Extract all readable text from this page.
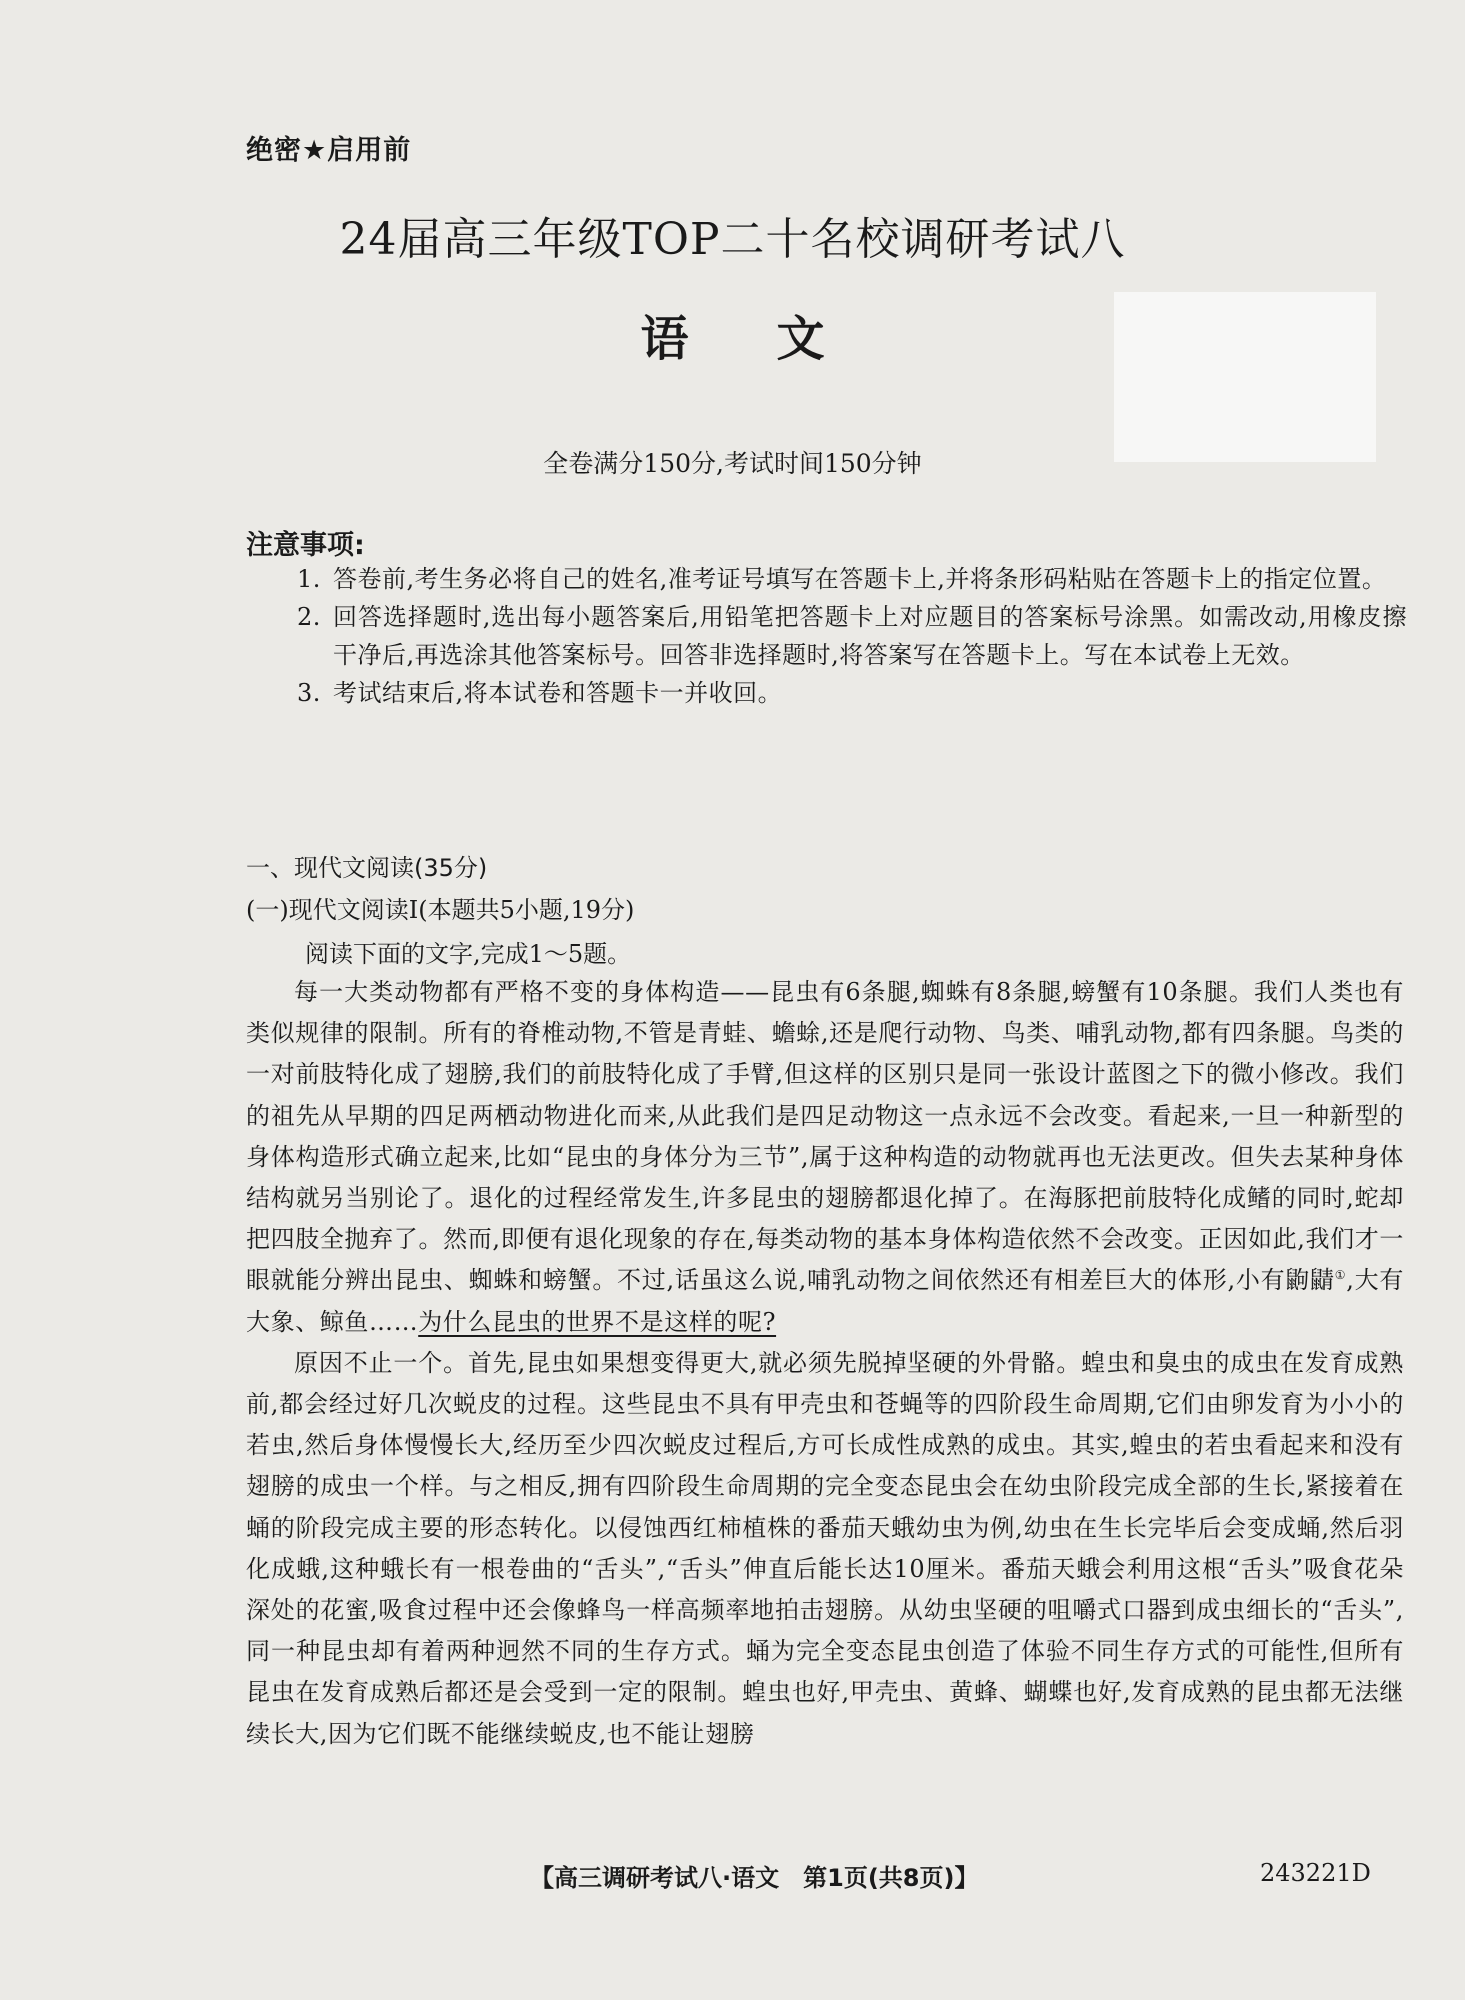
绝密★启用前
24届高三年级TOP二十名校调研考试八
语文
全卷满分150分,考试时间150分钟
注意事项:
1. 答卷前,考生务必将自己的姓名,准考证号填写在答题卡上,并将条形码粘贴在答题卡上的指定位置。
2. 回答选择题时,选出每小题答案后,用铅笔把答题卡上对应题目的答案标号涂黑。如需改动,用橡皮擦干净后,再选涂其他答案标号。回答非选择题时,将答案写在答题卡上。写在本试卷上无效。
3. 考试结束后,将本试卷和答题卡一并收回。
一、现代文阅读(35分)
(一)现代文阅读Ⅰ(本题共5小题,19分)
阅读下面的文字,完成1～5题。

每一大类动物都有严格不变的身体构造——昆虫有6条腿,蜘蛛有8条腿,螃蟹有10条腿。我们人类也有类似规律的限制。所有的脊椎动物,不管是青蛙、蟾蜍,还是爬行动物、鸟类、哺乳动物,都有四条腿。鸟类的一对前肢特化成了翅膀,我们的前肢特化成了手臂,但这样的区别只是同一张设计蓝图之下的微小修改。我们的祖先从早期的四足两栖动物进化而来,从此我们是四足动物这一点永远不会改变。看起来,一旦一种新型的身体构造形式确立起来,比如“昆虫的身体分为三节”,属于这种构造的动物就再也无法更改。但失去某种身体结构就另当别论了。退化的过程经常发生,许多昆虫的翅膀都退化掉了。在海豚把前肢特化成鳍的同时,蛇却把四肢全抛弃了。然而,即便有退化现象的存在,每类动物的基本身体构造依然不会改变。正因如此,我们才一眼就能分辨出昆虫、蜘蛛和螃蟹。不过,话虽这么说,哺乳动物之间依然还有相差巨大的体形,小有鼩鼱①,大有大象、鲸鱼……为什么昆虫的世界不是这样的呢?

原因不止一个。首先,昆虫如果想变得更大,就必须先脱掉坚硬的外骨骼。蝗虫和臭虫的成虫在发育成熟前,都会经过好几次蜕皮的过程。这些昆虫不具有甲壳虫和苍蝇等的四阶段生命周期,它们由卵发育为小小的若虫,然后身体慢慢长大,经历至少四次蜕皮过程后,方可长成性成熟的成虫。其实,蝗虫的若虫看起来和没有翅膀的成虫一个样。与之相反,拥有四阶段生命周期的完全变态昆虫会在幼虫阶段完成全部的生长,紧接着在蛹的阶段完成主要的形态转化。以侵蚀西红柿植株的番茄天蛾幼虫为例,幼虫在生长完毕后会变成蛹,然后羽化成蛾,这种蛾长有一根卷曲的“舌头”,“舌头”伸直后能长达10厘米。番茄天蛾会利用这根“舌头”吸食花朵深处的花蜜,吸食过程中还会像蜂鸟一样高频率地拍击翅膀。从幼虫坚硬的咀嚼式口器到成虫细长的“舌头”,同一种昆虫却有着两种迥然不同的生存方式。蛹为完全变态昆虫创造了体验不同生存方式的可能性,但所有昆虫在发育成熟后都还是会受到一定的限制。蝗虫也好,甲壳虫、黄蜂、蝴蝶也好,发育成熟的昆虫都无法继续长大,因为它们既不能继续蜕皮,也不能让翅膀

【高三调研考试八·语文　第1页(共8页)】	243221D
